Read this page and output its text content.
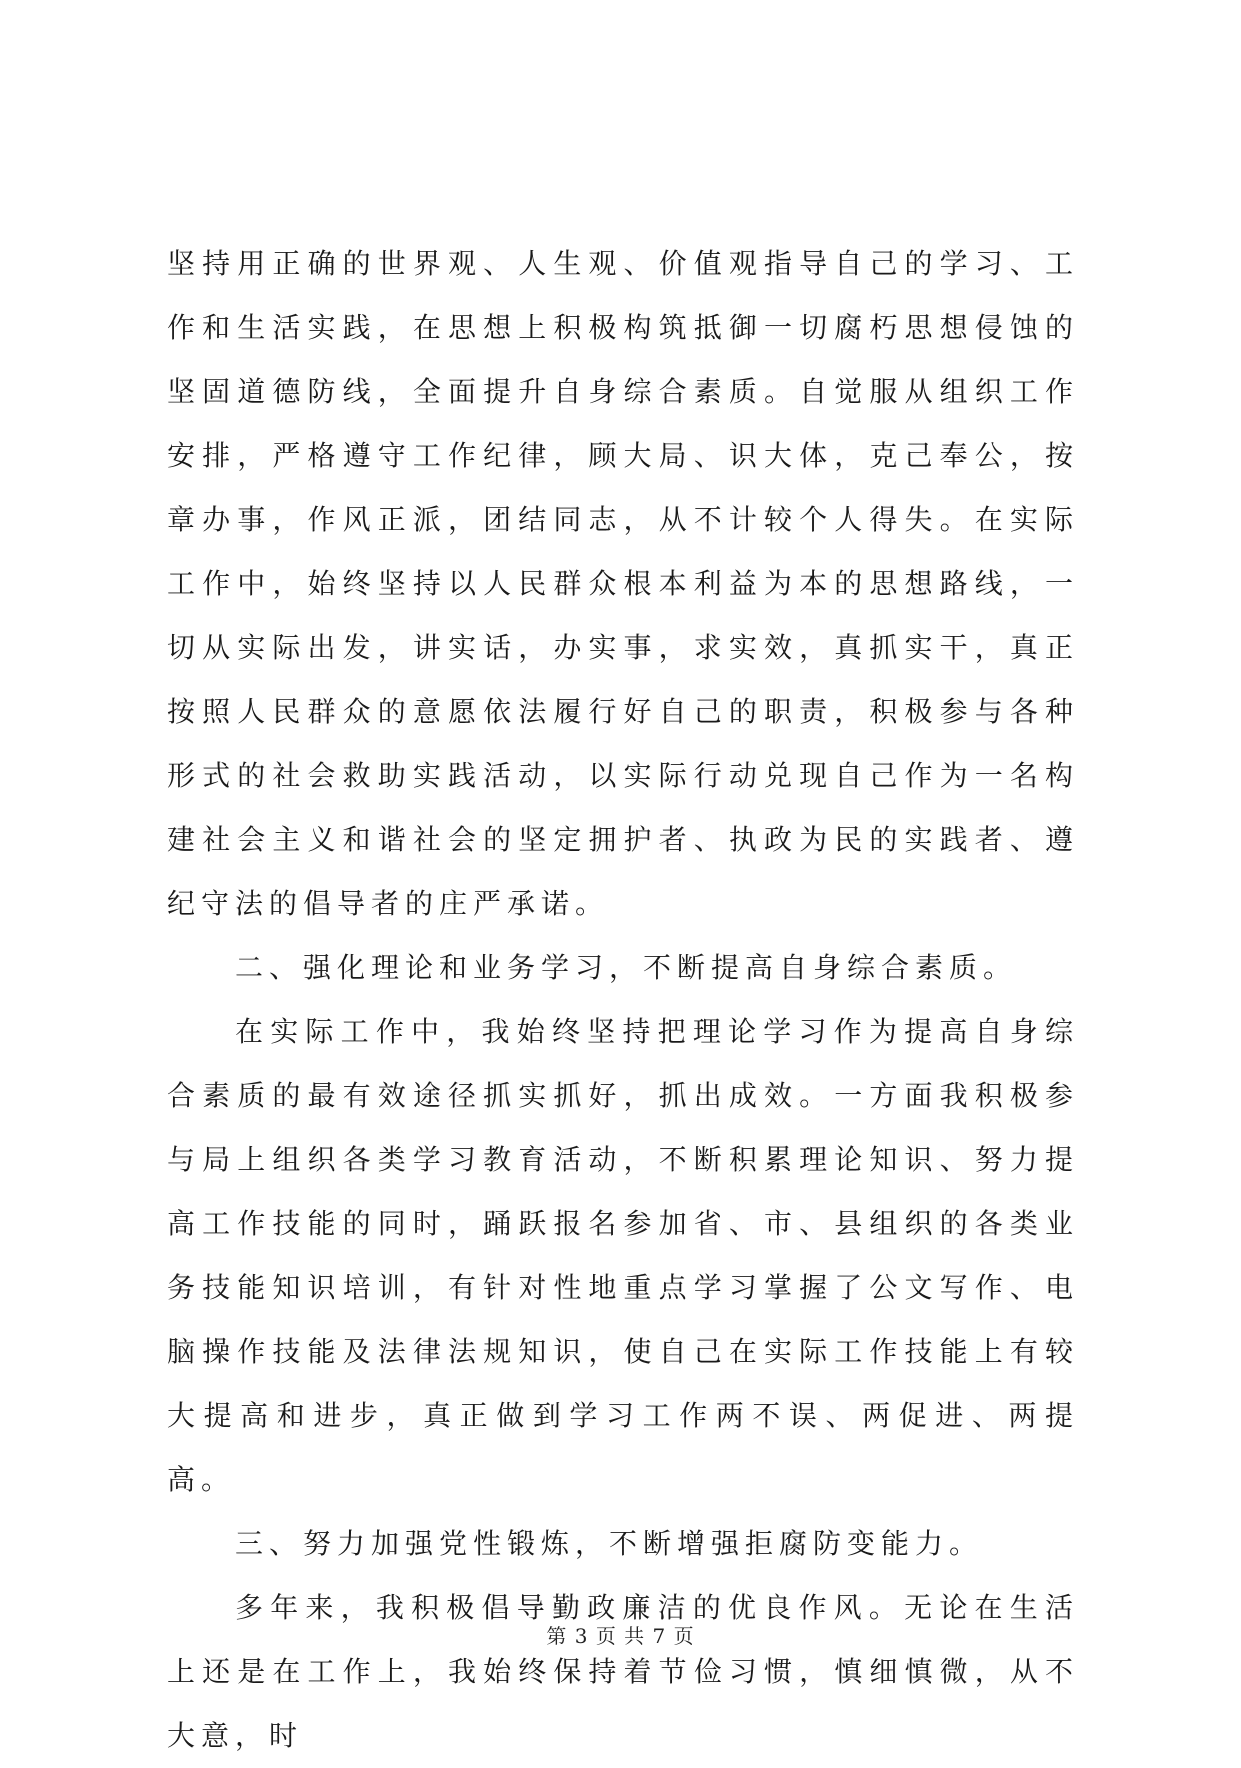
坚持用正确的世界观、人生观、价值观指导自己的学习、工作和生活实践，在思想上积极构筑抵御一切腐朽思想侵蚀的坚固道德防线，全面提升自身综合素质。自觉服从组织工作安排，严格遵守工作纪律，顾大局、识大体，克己奉公，按章办事，作风正派，团结同志，从不计较个人得失。在实际工作中，始终坚持以人民群众根本利益为本的思想路线，一切从实际出发，讲实话，办实事，求实效，真抓实干，真正按照人民群众的意愿依法履行好自己的职责，积极参与各种形式的社会救助实践活动，以实际行动兑现自己作为一名构建社会主义和谐社会的坚定拥护者、执政为民的实践者、遵纪守法的倡导者的庄严承诺。

二、强化理论和业务学习，不断提高自身综合素质。

在实际工作中，我始终坚持把理论学习作为提高自身综合素质的最有效途径抓实抓好，抓出成效。一方面我积极参与局上组织各类学习教育活动，不断积累理论知识、努力提高工作技能的同时，踊跃报名参加省、市、县组织的各类业务技能知识培训，有针对性地重点学习掌握了公文写作、电脑操作技能及法律法规知识，使自己在实际工作技能上有较大提高和进步，真正做到学习工作两不误、两促进、两提高。

三、努力加强党性锻炼，不断增强拒腐防变能力。

多年来，我积极倡导勤政廉洁的优良作风。无论在生活上还是在工作上，我始终保持着节俭习惯，慎细慎微，从不大意，时

第 3 页 共 7 页
